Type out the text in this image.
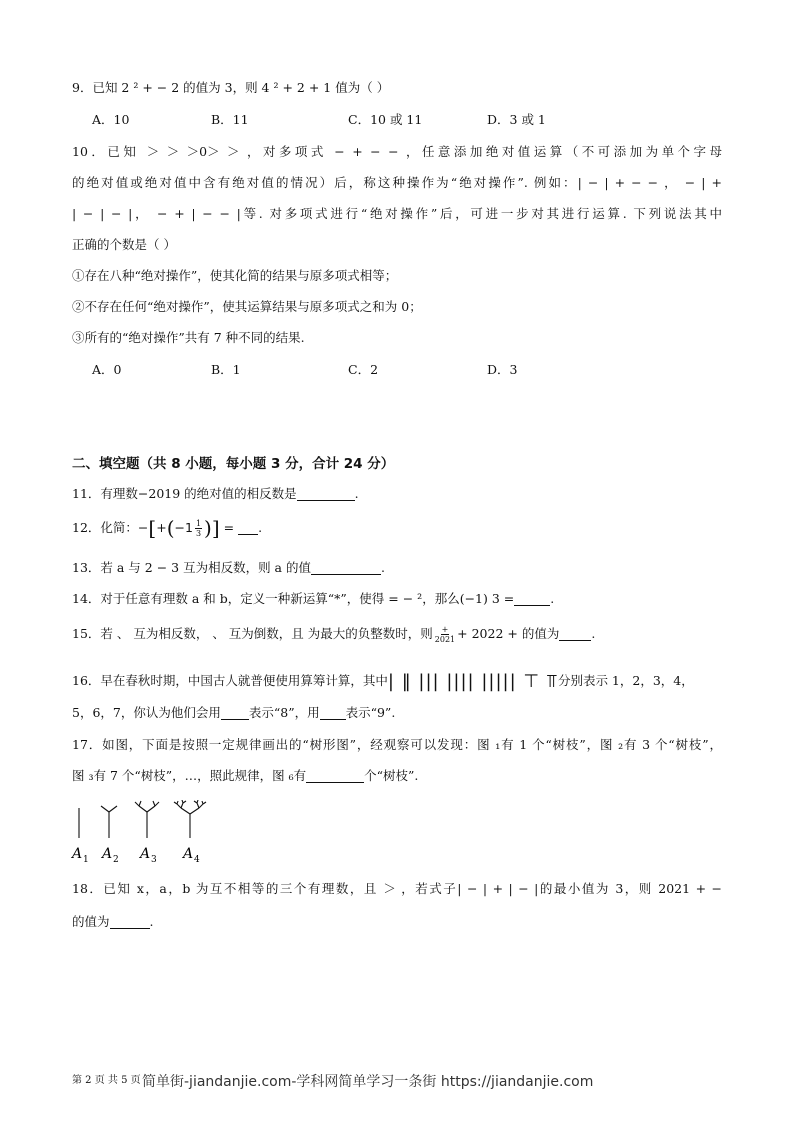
9．已知 2 ² + − 2 的值为 3，则 4 ² + 2 + 1 值为（ ）
A．10	B．11	C．10 或 11	D．3 或 1
10．已知 ＞ ＞ ＞0＞ ＞ ，对多项式 − + − − ，任意添加绝对值运算（不可添加为单个字母
的绝对值或绝对值中含有绝对值的情况）后，称这种操作为“绝对操作”. 例如：| − | + − − ， − | +
| − | − |， − + | − − |等. 对多项式进行“绝对操作”后，可进一步对其进行运算. 下列说法其中
正确的个数是（ ）
①存在八种“绝对操作”，使其化简的结果与原多项式相等；
②不存在任何“绝对操作”，使其运算结果与原多项式之和为 0；
③所有的“绝对操作”共有 7 种不同的结果.
A．0	B．1	C．2	D．3
二、填空题（共 8 小题，每小题 3 分，合计 24 分）
11．有理数−2019 的绝对值的相反数是	.
12．化简：$-[+(-1 \frac{1}{3}$ )] = .
13．若 a 与 2 − 3 互为相反数，则 a 的值	.
14．对于任意有理数 a 和 b，定义一种新运算“*”，使得 = − ²，那么(−1) 3 =	.
15．若 、 互为相反数， 、 互为倒数，且 为最大的负整数时，则 $\frac{+}{2021} + 2022$ + 的值为	.
16．早在春秋时期，中国古人就普便使用算筹计算，其中| ‖ ||| |||| ||||| ⊤ ⫪分别表示 1，2，3，4，
5，6，7，你认为他们会用 表示“8”，用 表示“9”.
17．如图，下面是按照一定规律画出的“树形图”，经观察可以发现：图 ₁有 1 个“树枝”，图 ₂有 3 个“树枝”，
图 ₃有 7 个“树枝”，…，照此规律，图 ₆有	个“树枝”.
A 1 A 2 A 3 A 4
18．已知 x，a，b 为互不相等的三个有理数，且 ＞ ，若式子| − | + | − |的最小值为 3，则 2021 + −
的值为	.
第 2 页 共 5 页 简单街-jiandanjie.com-学科网简单学习一条街 https://jiandanjie.com
